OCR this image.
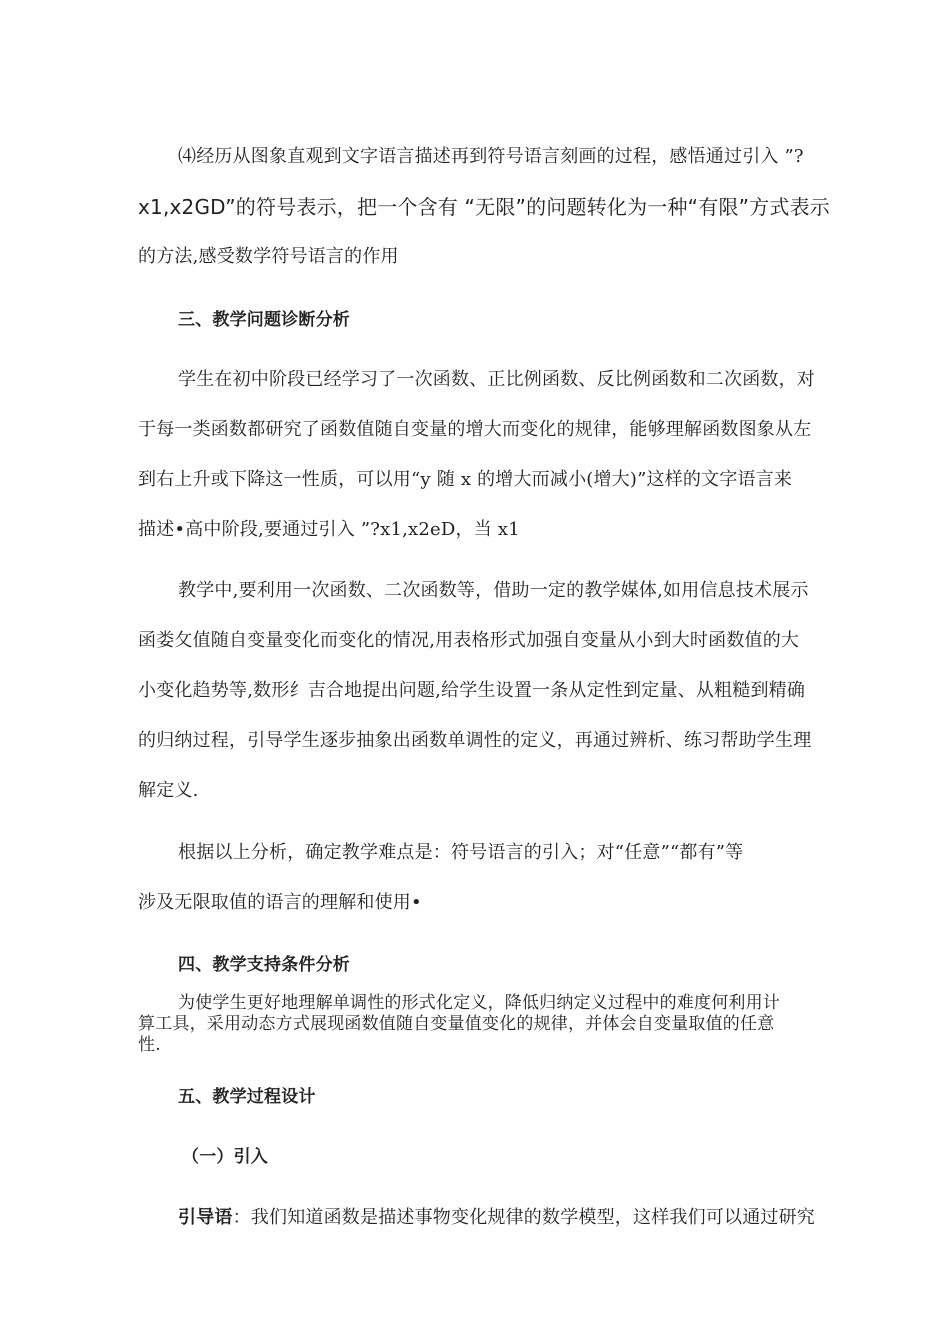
⑷经历从图象直观到文字语言描述再到符号语言刻画的过程，感悟通过引入 ”?
x1,x2GD”的符号表示，把一个含有 “无限”的问题转化为一种“有限”方式表示
的方法,感受数学符号语言的作用
三、教学问题诊断分析
学生在初中阶段已经学习了一次函数、正比例函数、反比例函数和二次函数，对
于每一类函数都研究了函数值随自变量的增大而变化的规律，能够理解函数图象从左
到右上升或下降这一性质，可以用“y 随 x 的增大而减小(增大)”这样的文字语言来
描述•高中阶段,要通过引入 ”?x1,x2eD，当 x1
教学中,要利用一次函数、二次函数等，借助一定的教学媒体,如用信息技术展示
函娄攵值随自变量变化而变化的情况,用表格形式加强自变量从小到大时函数值的大
小变化趋势等,数形纟吉合地提出问题,给学生设置一条从定性到定量、从粗糙到精确
的归纳过程，引导学生逐步抽象出函数单调性的定义，再通过辨析、练习帮助学生理
解定义.
根据以上分析，确定教学难点是：符号语言的引入；对“任意”“都有”等
涉及无限取值的语言的理解和使用•
四、教学支持条件分析
为使学生更好地理解单调性的形式化定义，降低归纳定义过程中的难度何利用计
算工具，采用动态方式展现函数值随自变量值变化的规律，并体会自变量取值的任意
性.
五、教学过程设计
（一）引入
引导语：我们知道函数是描述事物变化规律的数学模型，这样我们可以通过研究
